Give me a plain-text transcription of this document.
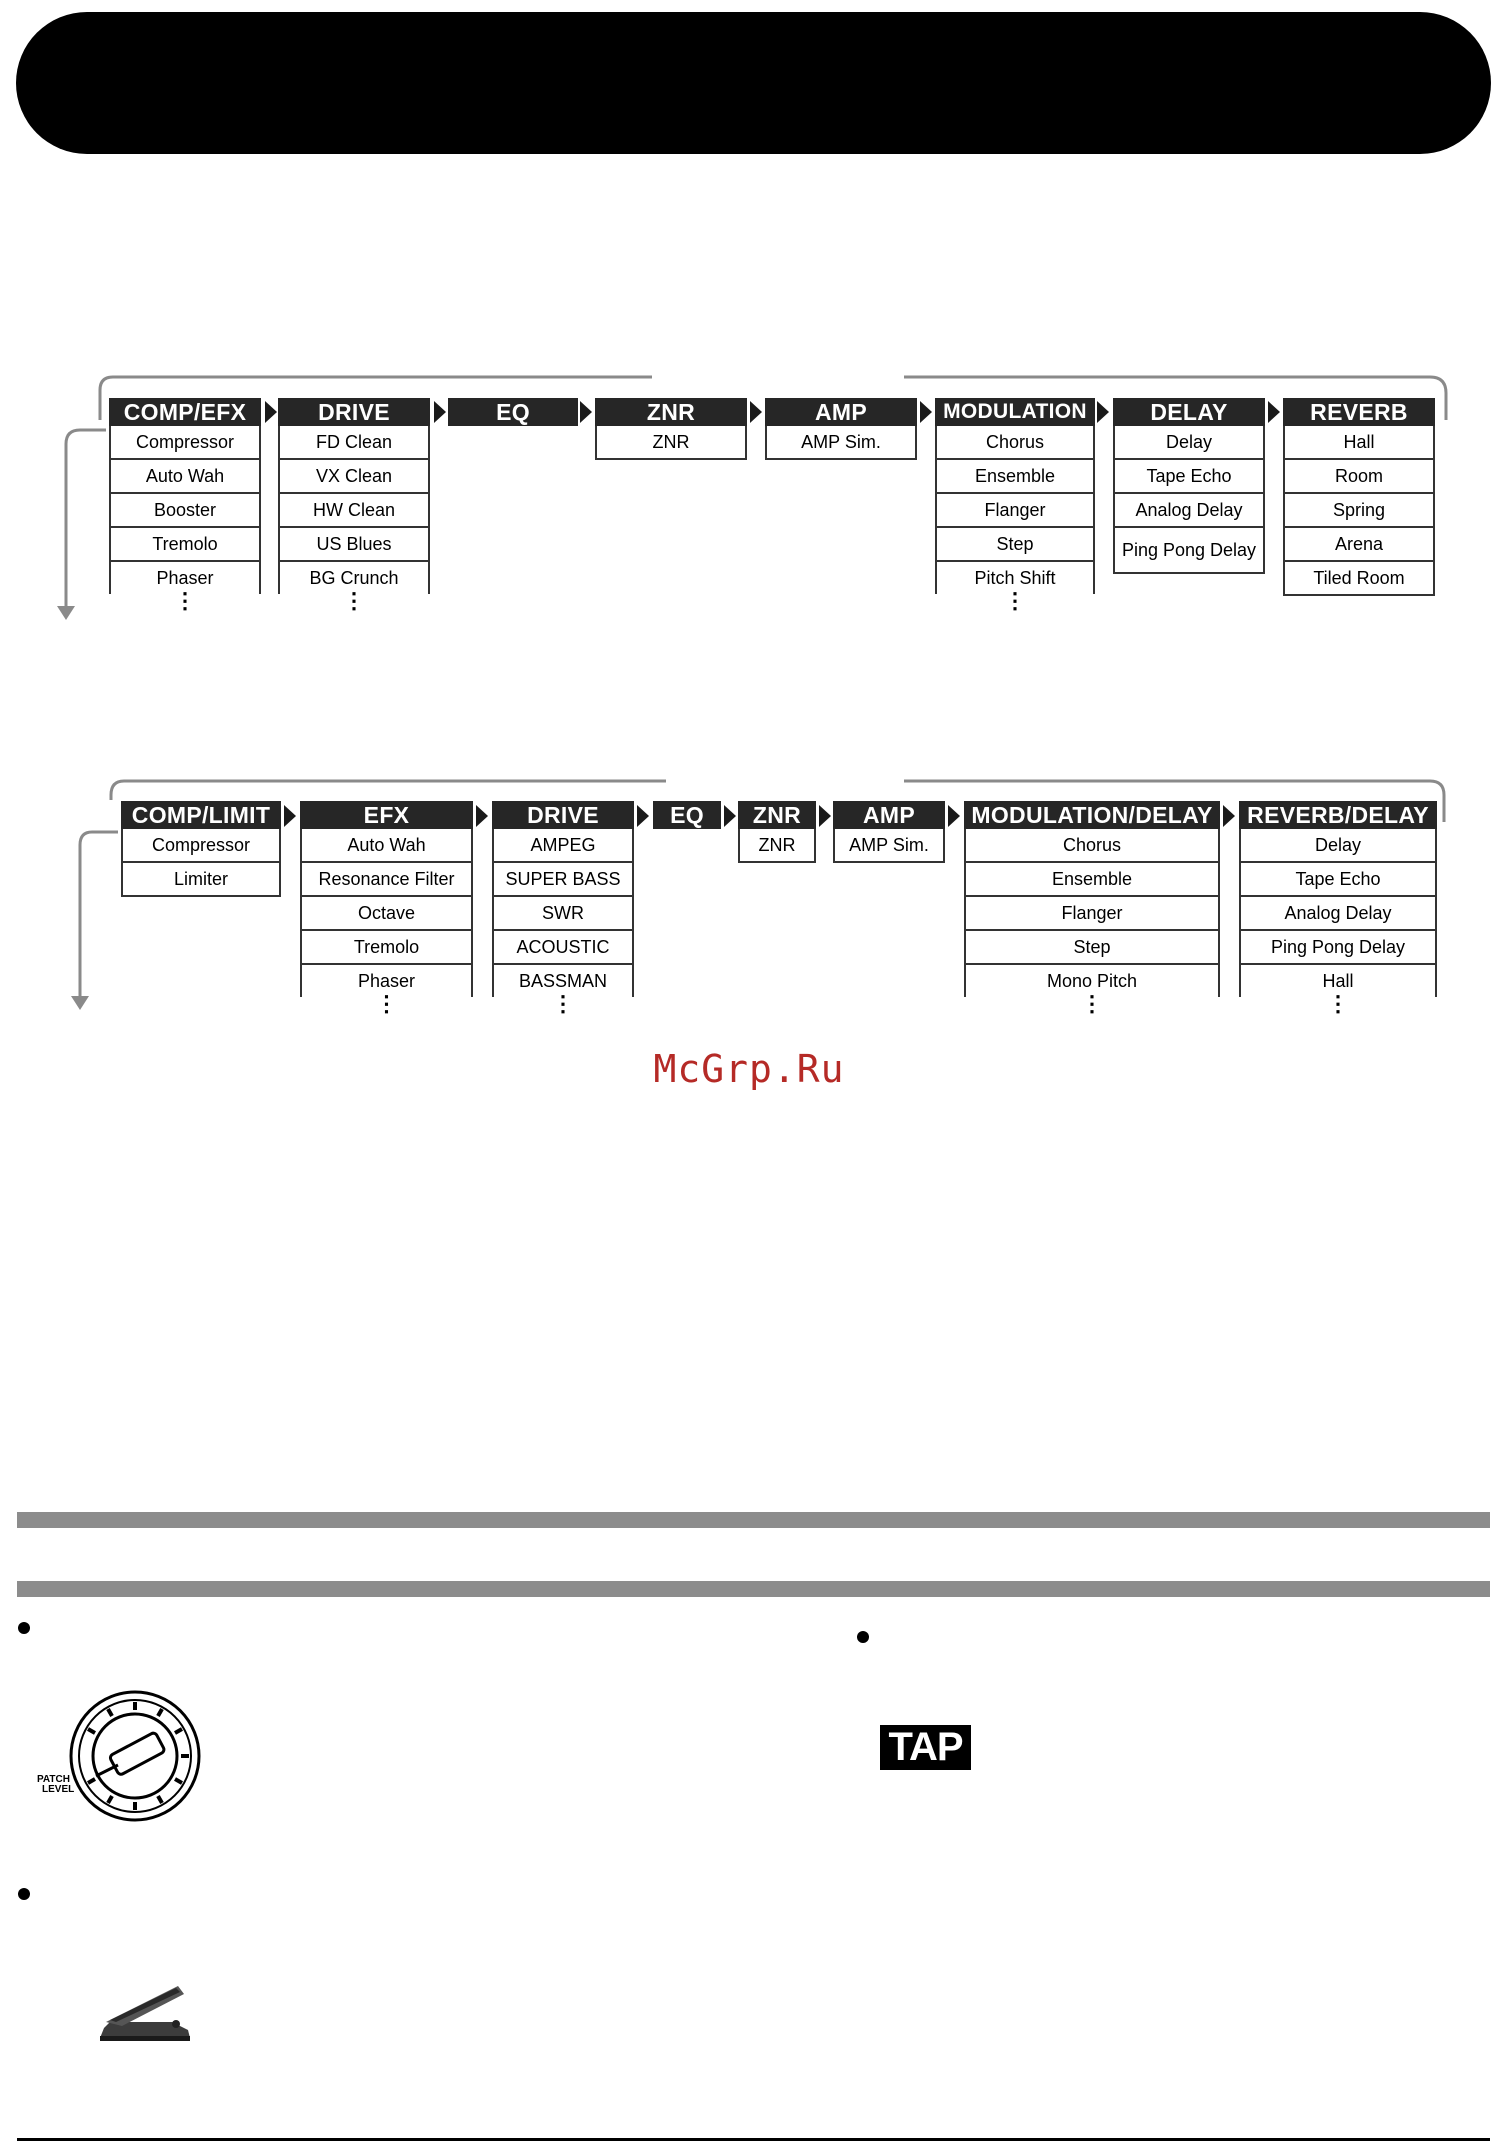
COMP/EFX
Compressor
Auto Wah
Booster
Tremolo
Phaser
⋮
DRIVE
FD Clean
VX Clean
HW Clean
US Blues
BG Crunch
⋮
EQ	ZNR
ZNR
AMP
AMP Sim.
MODULATION
Chorus
Ensemble
Flanger
Step
Pitch Shift
⋮
DELAY
Delay
Tape Echo
Analog Delay
Ping Pong Delay
REVERB
Hall
Room
Spring
Arena
Tiled Room
COMP/LIMIT
Compressor
Limiter
EFX
Auto Wah
Resonance Filter
Octave
Tremolo
Phaser
⋮
DRIVE
AMPEG
SUPER BASS
SWR
ACOUSTIC
BASSMAN
⋮
EQ	ZNR
ZNR
AMP
AMP Sim.
MODULATION/DELAY
Chorus
Ensemble
Flanger
Step
Mono Pitch
⋮
REVERB/DELAY
Delay
Tape Echo
Analog Delay
Ping Pong Delay
Hall
⋮
McGrp.Ru
PATCH
LEVEL
TAP
